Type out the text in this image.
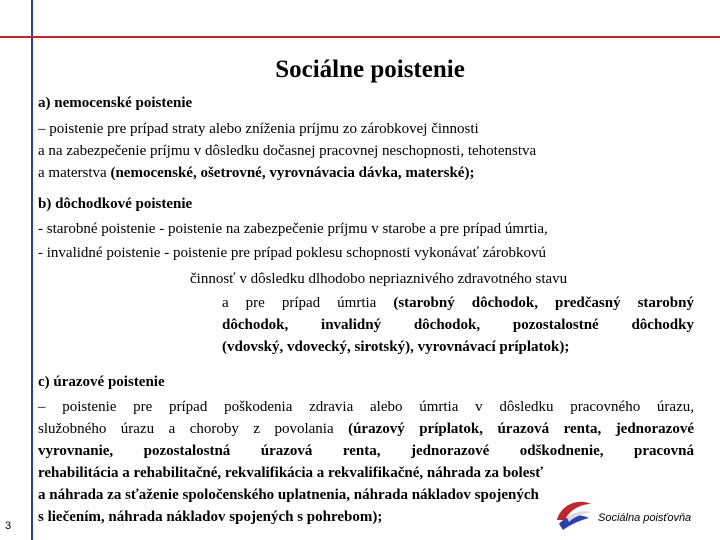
Sociálne poistenie
a) nemocenské poistenie
– poistenie pre prípad straty alebo zníženia príjmu zo zárobkovej činnosti
a na zabezpečenie príjmu v dôsledku dočasnej pracovnej neschopnosti, tehotenstva
a materstva (nemocenské, ošetrovné, vyrovnávacia dávka, materské);
b) dôchodkové poistenie
- starobné poistenie - poistenie na zabezpečenie príjmu v starobe a pre prípad úmrtia,
- invalidné poistenie - poistenie pre prípad poklesu schopnosti vykonávať zárobkovú
činnosť v dôsledku dlhodobo nepriaznivého zdravotného stavu
a pre prípad úmrtia (starobný dôchodok, predčasný starobný
dôchodok, invalidný dôchodok, pozostalostné dôchodky
(vdovský, vdovecký, sirotský), vyrovnávací príplatok);
c) úrazové poistenie
– poistenie pre prípad poškodenia zdravia alebo úmrtia v dôsledku pracovného úrazu,
služobného úrazu a choroby z povolania (úrazový príplatok, úrazová renta, jednorazové
vyrovnanie, pozostalostná úrazová renta, jednorazové odškodnenie, pracovná
rehabilitácia a rehabilitačné, rekvalifikácia a rekvalifikačné, náhrada za bolesť
a náhrada za sťaženie spoločenského uplatnenia, náhrada nákladov spojených
s liečením, náhrada nákladov spojených s pohrebom);
3
Sociálna poisťovňa
